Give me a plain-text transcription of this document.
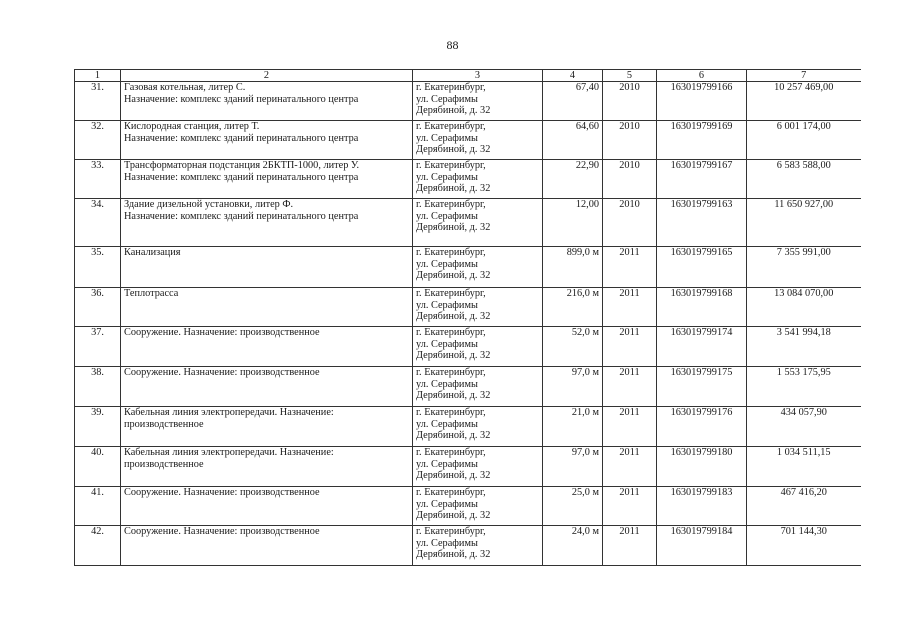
88
1	2	3	4	5	6	7
31.	Газовая котельная, литер С.
Назначение: комплекс зданий перинатального центра	г. Екатеринбург,
ул. Серафимы
Дерябиной, д. 32	67,40	2010	163019799166	10 257 469,00
32.	Кислородная станция, литер Т.
Назначение: комплекс зданий перинатального центра	г. Екатеринбург,
ул. Серафимы
Дерябиной, д. 32	64,60	2010	163019799169	6 001 174,00
33.	Трансформаторная подстанция 2БКТП-1000, литер У.
Назначение: комплекс зданий перинатального центра	г. Екатеринбург,
ул. Серафимы
Дерябиной, д. 32	22,90	2010	163019799167	6 583 588,00
34.	Здание дизельной установки, литер Ф.
Назначение: комплекс зданий перинатального центра	г. Екатеринбург,
ул. Серафимы
Дерябиной, д. 32	12,00	2010	163019799163	11 650 927,00
35.	Канализация	г. Екатеринбург,
ул. Серафимы
Дерябиной, д. 32	899,0 м	2011	163019799165	7 355 991,00
36.	Теплотрасса	г. Екатеринбург,
ул. Серафимы
Дерябиной, д. 32	216,0 м	2011	163019799168	13 084 070,00
37.	Сооружение. Назначение: производственное	г. Екатеринбург,
ул. Серафимы
Дерябиной, д. 32	52,0 м	2011	163019799174	3 541 994,18
38.	Сооружение. Назначение: производственное	г. Екатеринбург,
ул. Серафимы
Дерябиной, д. 32	97,0 м	2011	163019799175	1 553 175,95
39.	Кабельная линия электропередачи. Назначение:
производственное	г. Екатеринбург,
ул. Серафимы
Дерябиной, д. 32	21,0 м	2011	163019799176	434 057,90
40.	Кабельная линия электропередачи. Назначение:
производственное	г. Екатеринбург,
ул. Серафимы
Дерябиной, д. 32	97,0 м	2011	163019799180	1 034 511,15
41.	Сооружение. Назначение: производственное	г. Екатеринбург,
ул. Серафимы
Дерябиной, д. 32	25,0 м	2011	163019799183	467 416,20
42.	Сооружение. Назначение: производственное	г. Екатеринбург,
ул. Серафимы
Дерябиной, д. 32	24,0 м	2011	163019799184	701 144,30
